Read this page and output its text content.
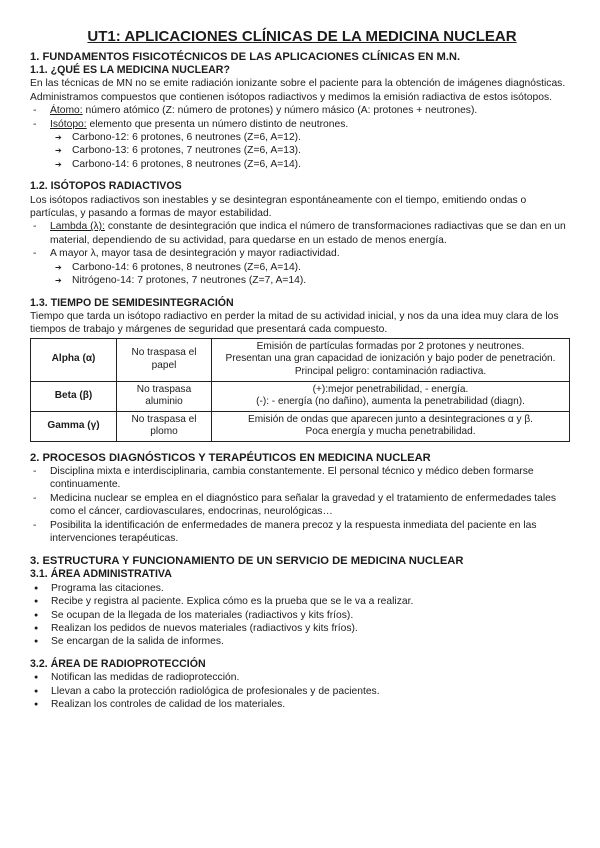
UT1: APLICACIONES CLÍNICAS DE LA MEDICINA NUCLEAR
1. FUNDAMENTOS FISICOTÉCNICOS DE LAS APLICACIONES CLÍNICAS EN M.N.
1.1. ¿QUÉ ES LA MEDICINA NUCLEAR?

En las técnicas de MN no se emite radiación ionizante sobre el paciente para la obtención de imágenes diagnósticas. Administramos compuestos que contienen isótopos radiactivos y medimos la emisión radiactiva de estos isótopos.

- Átomo: número atómico (Z: número de protones) y número másico (A: protones + neutrones).
- Isótopo: elemento que presenta un número distinto de neutrones.
➔ Carbono-12: 6 protones, 6 neutrones (Z=6, A=12).
➔ Carbono-13: 6 protones, 7 neutrones (Z=6, A=13).
➔ Carbono-14: 6 protones, 8 neutrones (Z=6, A=14).
1.2. ISÓTOPOS RADIACTIVOS

Los isótopos radiactivos son inestables y se desintegran espontáneamente con el tiempo, emitiendo ondas o partículas, y pasando a formas de mayor estabilidad.

- Lambda (λ): constante de desintegración que indica el número de transformaciones radiactivas que se dan en un material, dependiendo de su actividad, para quedarse en un estado de menos energía.
- A mayor λ, mayor tasa de desintegración y mayor radiactividad.
➔ Carbono-14: 6 protones, 8 neutrones (Z=6, A=14).
➔ Nitrógeno-14: 7 protones, 7 neutrones (Z=7, A=14).
1.3. TIEMPO DE SEMIDESINTEGRACIÓN

Tiempo que tarda un isótopo radiactivo en perder la mitad de su actividad inicial, y nos da una idea muy clara de los tiempos de trabajo y márgenes de seguridad que presentará cada compuesto.

Alpha (α)	No traspasa el papel	Emisión de partículas formadas por 2 protones y neutrones.
Presentan una gran capacidad de ionización y bajo poder de penetración. Principal peligro: contaminación radiactiva.

Beta (β)	No traspasa aluminio	(+):mejor penetrabilidad, - energía.
(-): - energía (no dañino), aumenta la penetrabilidad (diagn).

Gamma (γ)	No traspasa el plomo	Emisión de ondas que aparecen junto a desintegraciones α y β.
Poca energía y mucha penetrabilidad.
2. PROCESOS DIAGNÓSTICOS Y TERAPÉUTICOS EN MEDICINA NUCLEAR
- Disciplina mixta e interdisciplinaria, cambia constantemente. El personal técnico y médico deben formarse continuamente.
- Medicina nuclear se emplea en el diagnóstico para señalar la gravedad y el tratamiento de enfermedades tales como el cáncer, cardiovasculares, endocrinas, neurológicas…
- Posibilita la identificación de enfermedades de manera precoz y la respuesta inmediata del paciente en las intervenciones terapéuticas.
3. ESTRUCTURA Y FUNCIONAMIENTO DE UN SERVICIO DE MEDICINA NUCLEAR
3.1. ÁREA ADMINISTRATIVA
● Programa las citaciones.
● Recibe y registra al paciente. Explica cómo es la prueba que se le va a realizar.
● Se ocupan de la llegada de los materiales (radiactivos y kits fríos).
● Realizan los pedidos de nuevos materiales (radiactivos y kits fríos).
● Se encargan de la salida de informes.
3.2. ÁREA DE RADIOPROTECCIÓN
● Notifican las medidas de radioprotección.
● Llevan a cabo la protección radiológica de profesionales y de pacientes.
● Realizan los controles de calidad de los materiales.
